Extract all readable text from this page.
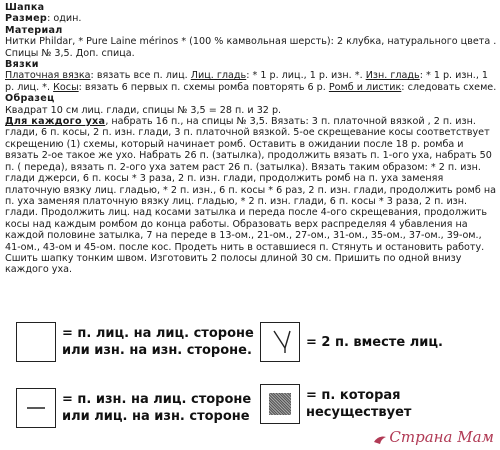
Шапка
Размер: один.
Материал
Нитки Phildar, * Pure Laine mérinos * (100 % камвольная шерсть): 2 клубка, натурального цвета . Спицы № 3,5. Доп. спица.
Вязки
Платочная вязка: вязать все п. лиц. Лиц. гладь: * 1 р. лиц., 1 р. изн. *. Изн. гладь: * 1 р. изн., 1 р. лиц. *. Косы: вязать 6 первых п. схемы ромба повторять 6 р. Ромб и листик: следовать схеме.
Образец
Квадрат 10 см лиц. глади, спицы № 3,5 = 28 п. и 32 р.
Для каждого уха, набрать 16 п., на спицы № 3,5. Вязать: 3 п. платочной вязкой , 2 п. изн. глади, 6 п. косы, 2 п. изн. глади, 3 п. платочной вязкой. 5-ое скрещевание косы соответствует скрещению (1) схемы, который начинает ромб. Оставить в ожидании после 18 р. ромба и вязать 2-ое такое же ухо. Набрать 26 п. (затылка), продолжить вязать п. 1-ого уха, набрать 50 п. ( переда), вязать п. 2-ого уха затем раст 26 п. (затылка). Вязать таким образом: * 2 п. изн. глади джерси, 6 п. косы * 3 раза, 2 п. изн. глади, продолжить ромб на п. уха заменяя платочную вязку лиц. гладью, * 2 п. изн., 6 п. косы * 6 раз, 2 п. изн. глади, продолжить ромб на п. уха заменяя платочную вязку лиц. гладью, * 2 п. изн. глади, 6 п. косы * 3 раза, 2 п. изн. глади. Продолжить лиц. над косами затылка и переда после 4-ого скрещевания, продолжить косы над каждым ромбом до конца работы. Образовать верх распределяя 4 убавления на каждой половине затылка, 7 на переде в 13-ом., 21-ом., 27-ом., 31-ом., 35-ом., 37-ом., 39-ом., 41-ом., 43-ом и 45-ом. после кос. Продеть нить в оставшиеся п. Стянуть и остановить работу. Сшить шапку тонким швом. Изготовить 2 полосы длиной 30 см. Пришить по одной внизу каждого уха.
= п. лиц. на лиц. стороне
или изн. на изн. стороне.
= 2 п. вместе лиц.
= п. изн. на лиц. стороне
или лиц. на изн. стороне
= п. которая
несуществует
Страна Мам
